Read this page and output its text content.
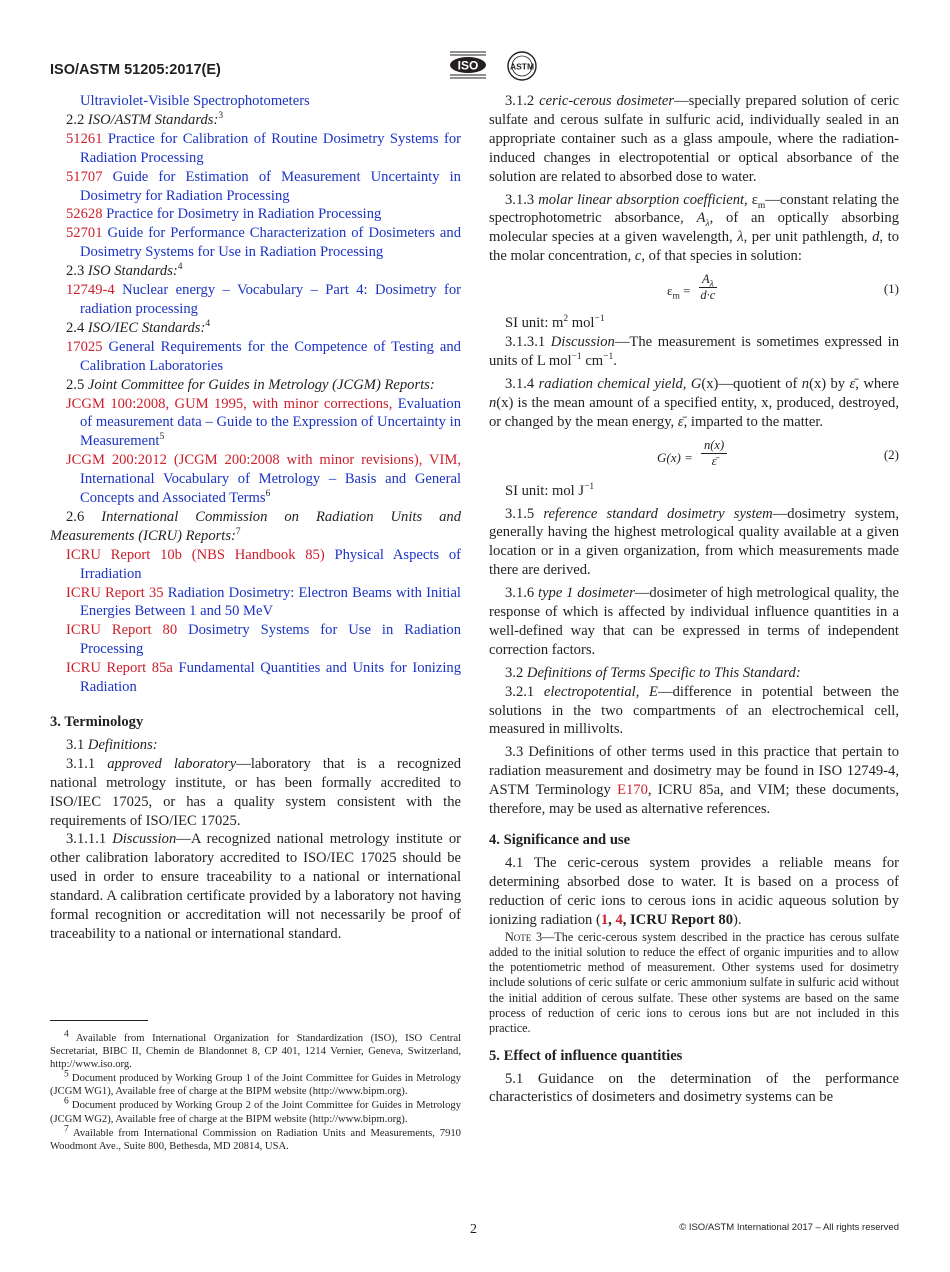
ISO/ASTM 51205:2017(E)	ISO	ASTM

Ultraviolet-Visible Spectrophotometers

2.2 ISO/ASTM Standards:$^3$

51261 Practice for Calibration of Routine Dosimetry Systems for Radiation Processing

51707 Guide for Estimation of Measurement Uncertainty in Dosimetry for Radiation Processing

52628 Practice for Dosimetry in Radiation Processing

52701 Guide for Performance Characterization of Dosimeters and Dosimetry Systems for Use in Radiation Processing

2.3 ISO Standards:$^4$

12749-4 Nuclear energy – Vocabulary – Part 4: Dosimetry for radiation processing

2.4 ISO/IEC Standards:$^4$

17025 General Requirements for the Competence of Testing and Calibration Laboratories

2.5 Joint Committee for Guides in Metrology (JCGM) Reports:

JCGM 100:2008, GUM 1995, with minor corrections, Evaluation of measurement data – Guide to the Expression of Uncertainty in Measurement$^5$

JCGM 200:2012 (JCGM 200:2008 with minor revisions), VIM, International Vocabulary of Metrology – Basis and General Concepts and Associated Terms$^6$

2.6 International Commission on Radiation Units and Measurements (ICRU) Reports:$^7$

ICRU Report 10b (NBS Handbook 85) Physical Aspects of Irradiation

ICRU Report 35 Radiation Dosimetry: Electron Beams with Initial Energies Between 1 and 50 MeV

ICRU Report 80 Dosimetry Systems for Use in Radiation Processing

ICRU Report 85a Fundamental Quantities and Units for Ionizing Radiation

3. Terminology

3.1 Definitions:

3.1.1 approved laboratory—laboratory that is a recognized national metrology institute, or has been formally accredited to ISO/IEC 17025, or has a quality system consistent with the requirements of ISO/IEC 17025.

3.1.1.1 Discussion—A recognized national metrology institute or other calibration laboratory accredited to ISO/IEC 17025 should be used in order to ensure traceability to a national or international standard. A calibration certificate provided by a laboratory not having formal recognition or accreditation will not necessarily be proof of traceability to a national or international standard.

$^4$ Available from International Organization for Standardization (ISO), ISO Central Secretariat, BIBC II, Chemin de Blandonnet 8, CP 401, 1214 Vernier, Geneva, Switzerland, http://www.iso.org.

$^5$ Document produced by Working Group 1 of the Joint Committee for Guides in Metrology (JCGM WG1), Available free of charge at the BIPM website (http://www.bipm.org).

$^6$ Document produced by Working Group 2 of the Joint Committee for Guides in Metrology (JCGM WG2), Available free of charge at the BIPM website (http://www.bipm.org).

$^7$ Available from International Commission on Radiation Units and Measurements, 7910 Woodmont Ave., Suite 800, Bethesda, MD 20814, USA.

3.1.2 ceric-cerous dosimeter—specially prepared solution of ceric sulfate and cerous sulfate in sulfuric acid, individually sealed in an appropriate container such as a glass ampoule, where the radiation-induced changes in electropotential or optical absorbance of the solution are related to absorbed dose to water.

3.1.3 molar linear absorption coefficient, $\varepsilon_m—constant$ relating the spectrophotometric absorbance, $A_\lambda$, of an optically absorbing molecular species at a given wavelength, λ, per unit pathlength, d, to the molar concentration, c, of that species in solution:

$\varepsilon_m = \frac{A_\lambda}{d\cdot c}$	(1)

SI unit: $m^2$ mol$^{-1}$

3.1.3.1 Discussion—The measurement is sometimes expressed in units of L mol$^{-1}$ $cm^{-1}$.

3.1.4 radiation chemical yield, G(x)—quotient of n(x) by ε̄, where n(x) is the mean amount of a specified entity, x, produced, destroyed, or changed by the mean energy, ε̄, imparted to the matter.

$G(x) = \frac{n(x)}{\varepsilon̄}$	(2)

SI unit: mol $J^{-1}$

3.1.5 reference standard dosimetry system—dosimetry system, generally having the highest metrological quality available at a given location or in a given organization, from which measurements made there are derived.

3.1.6 type 1 dosimeter—dosimeter of high metrological quality, the response of which is affected by individual influence quantities in a well-defined way that can be expressed in terms of independent correction factors.

3.2 Definitions of Terms Specific to This Standard:

3.2.1 electropotential, E—difference in potential between the solutions in the two compartments of an electrochemical cell, measured in millivolts.

3.3 Definitions of other terms used in this practice that pertain to radiation measurement and dosimetry may be found in ISO 12749-4, ASTM Terminology E170, ICRU 85a, and VIM; these documents, therefore, may be used as alternative references.

4. Significance and use

4.1 The ceric-cerous system provides a reliable means for determining absorbed dose to water. It is based on a process of reduction of ceric ions to cerous ions in acidic aqueous solution by ionizing radiation (1, 4, ICRU Report 80).

Note 3—The ceric-cerous system described in the practice has cerous sulfate added to the initial solution to reduce the effect of organic impurities and to allow the potentiometric method of measurement. Other systems used for dosimetry include solutions of ceric sulfate or ceric ammonium sulfate in sulfuric acid without the initial addition of cerous sulfate. These other systems are based on the same process of reduction of ceric ions to cerous ions but are not included in this practice.

5. Effect of influence quantities

5.1 Guidance on the determination of the performance characteristics of dosimeters and dosimetry systems can be

2	© ISO/ASTM International 2017 – All rights reserved
